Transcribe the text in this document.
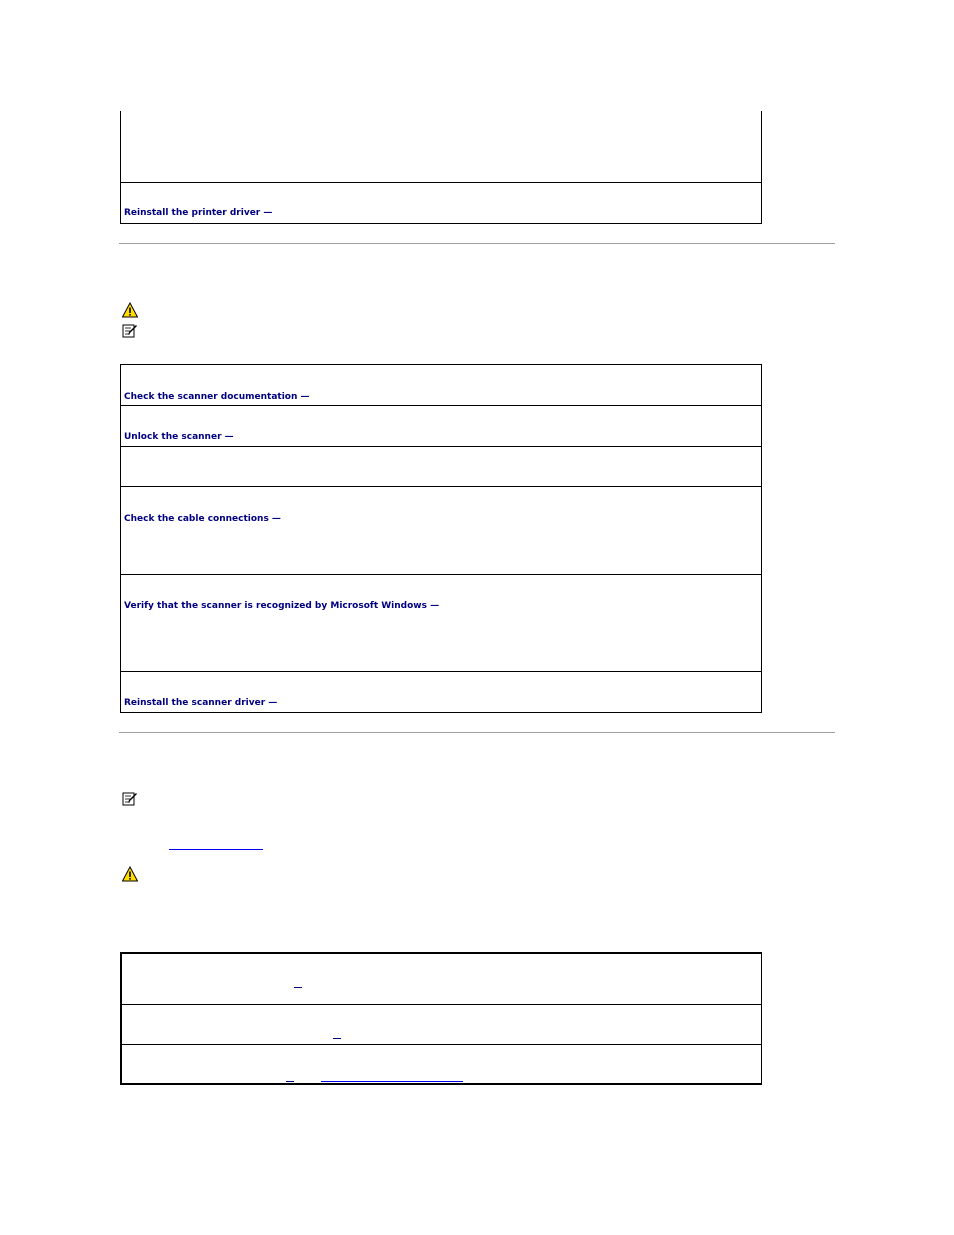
Reinstall the printer driver —
Check the scanner documentation —
Unlock the scanner —
Check the cable connections —
Verify that the scanner is recognized by Microsoft Windows —
Reinstall the scanner driver —
